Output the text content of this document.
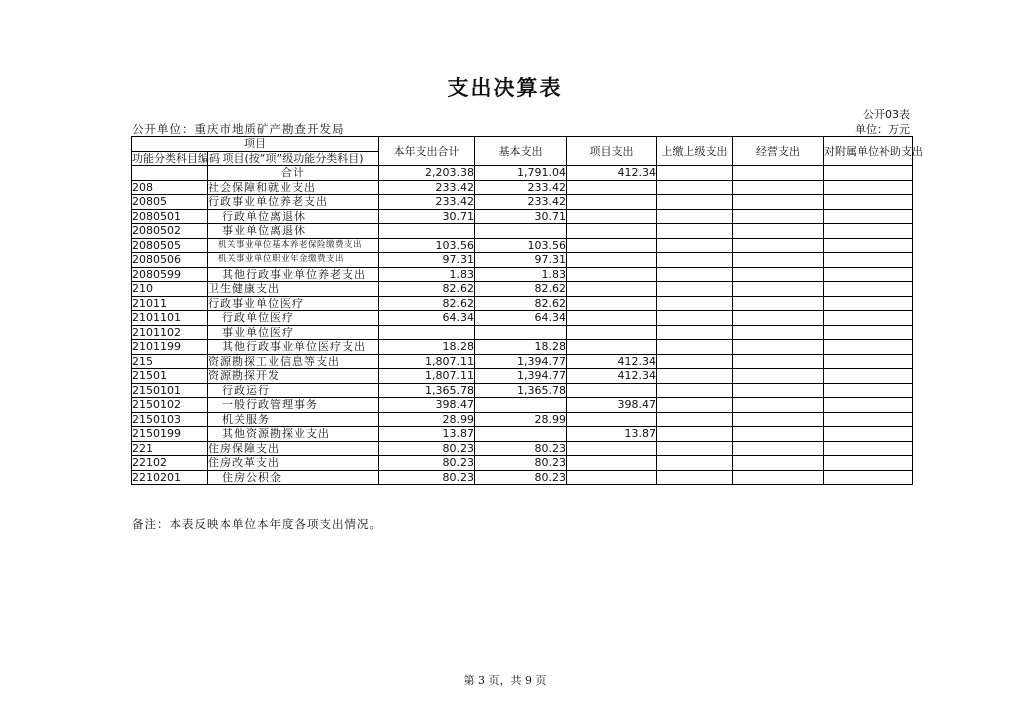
支出决算表
公开03表
公开单位：重庆市地质矿产勘查开发局	单位：万元
项目		本年支出合计	基本支出	项目支出	上缴上级支出	经营支出	对附属单位补助支出
功能分类科目编码	项目(按“项”级功能分类科目)						
	合计	2,203.38	1,791.04	412.34			
208	社会保障和就业支出	233.42	233.42				
20805	行政事业单位养老支出	233.42	233.42				
2080501	行政单位离退休	30.71	30.71				
2080502	事业单位离退休						
2080505	机关事业单位基本养老保险缴费支出	103.56	103.56				
2080506	机关事业单位职业年金缴费支出	97.31	97.31				
2080599	其他行政事业单位养老支出	1.83	1.83				
210	卫生健康支出	82.62	82.62				
21011	行政事业单位医疗	82.62	82.62				
2101101	行政单位医疗	64.34	64.34				
2101102	事业单位医疗						
2101199	其他行政事业单位医疗支出	18.28	18.28				
215	资源勘探工业信息等支出	1,807.11	1,394.77	412.34			
21501	资源勘探开发	1,807.11	1,394.77	412.34			
2150101	行政运行	1,365.78	1,365.78				
2150102	一般行政管理事务	398.47		398.47			
2150103	机关服务	28.99	28.99				
2150199	其他资源勘探业支出	13.87		13.87			
221	住房保障支出	80.23	80.23				
22102	住房改革支出	80.23	80.23				
2210201	住房公积金	80.23	80.23				
备注：本表反映本单位本年度各项支出情况。
第 3 页，共 9 页
